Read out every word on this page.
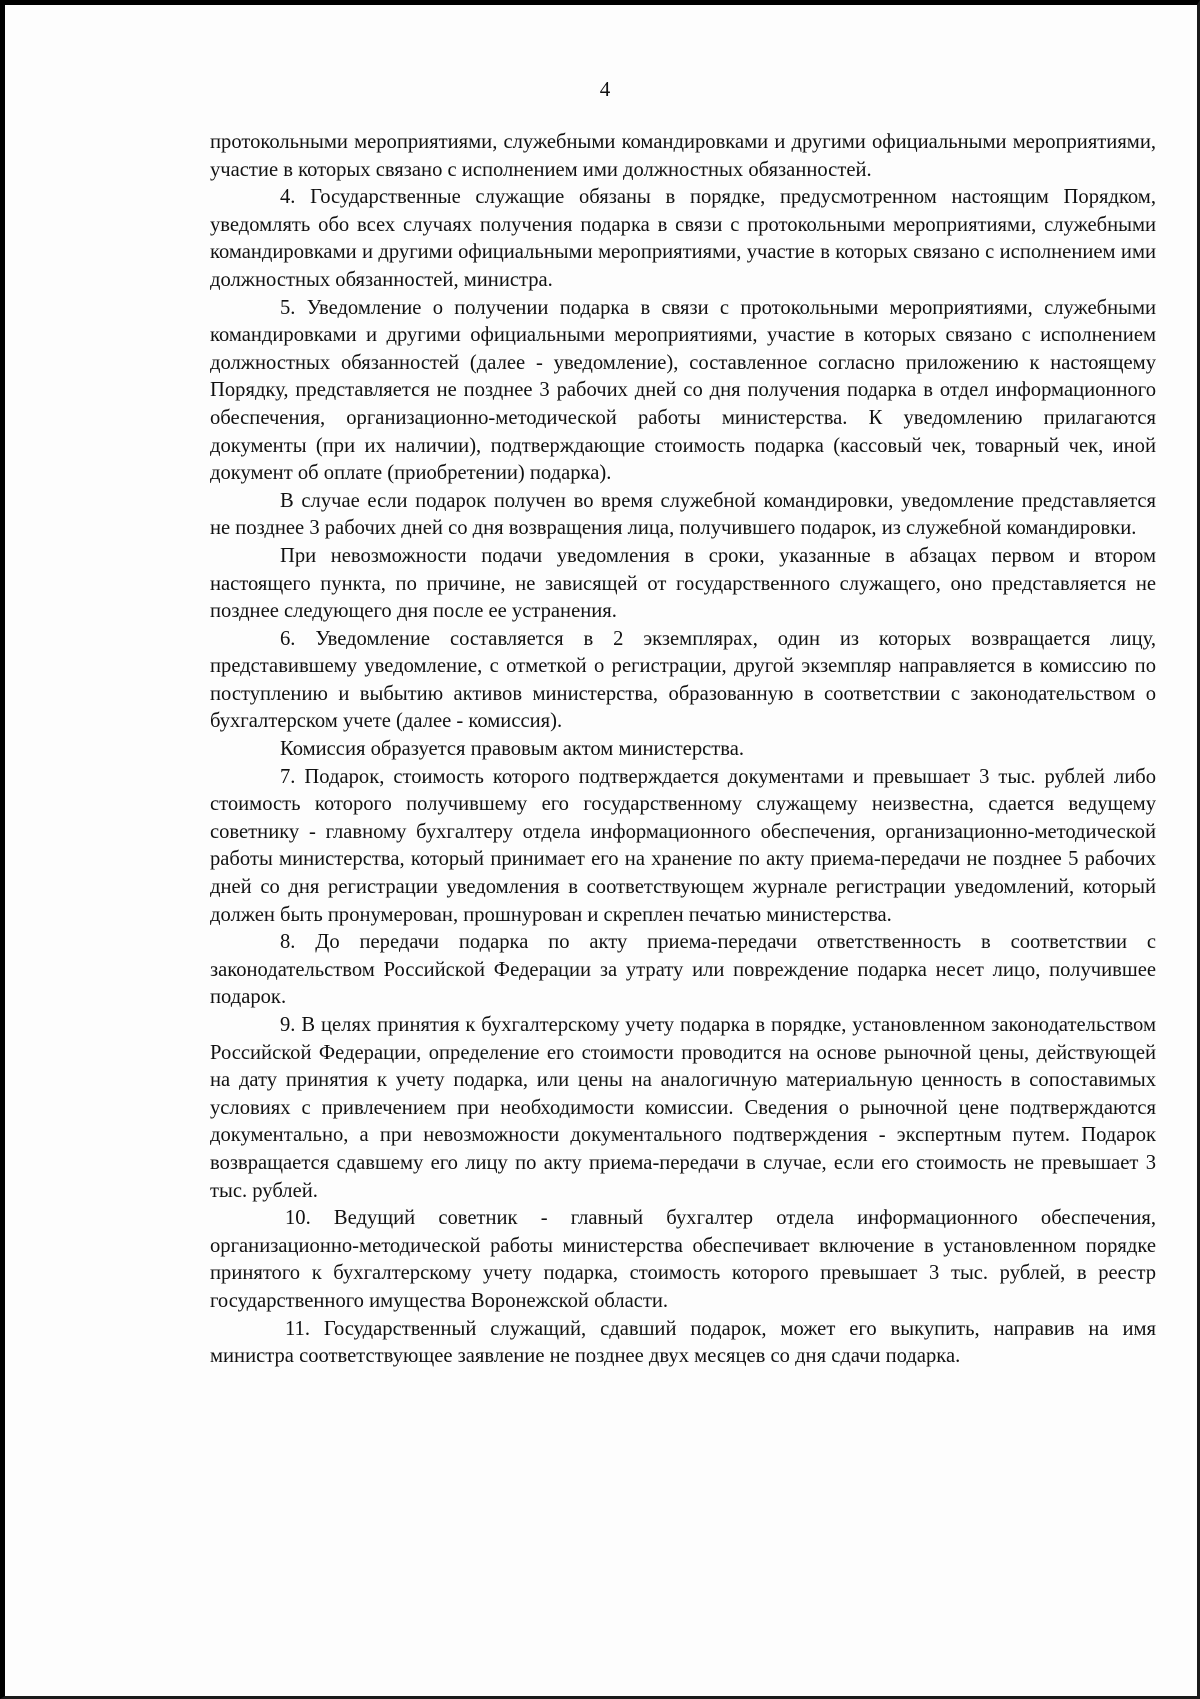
4

протокольными мероприятиями, служебными командировками и другими официальными мероприятиями, участие в которых связано с исполнением ими должностных обязанностей.

4. Государственные служащие обязаны в порядке, предусмотренном настоящим Порядком, уведомлять обо всех случаях получения подарка в связи с протокольными мероприятиями, служебными командировками и другими официальными мероприятиями, участие в которых связано с исполнением ими должностных обязанностей, министра.

5. Уведомление о получении подарка в связи с протокольными мероприятиями, служебными командировками и другими официальными мероприятиями, участие в которых связано с исполнением должностных обязанностей (далее - уведомление), составленное согласно приложению к настоящему Порядку, представляется не позднее 3 рабочих дней со дня получения подарка в отдел информационного обеспечения, организационно-методической работы министерства. К уведомлению прилагаются документы (при их наличии), подтверждающие стоимость подарка (кассовый чек, товарный чек, иной документ об оплате (приобретении) подарка).

В случае если подарок получен во время служебной командировки, уведомление представляется не позднее 3 рабочих дней со дня возвращения лица, получившего подарок, из служебной командировки.

При невозможности подачи уведомления в сроки, указанные в абзацах первом и втором настоящего пункта, по причине, не зависящей от государственного служащего, оно представляется не позднее следующего дня после ее устранения.

6. Уведомление составляется в 2 экземплярах, один из которых возвращается лицу, представившему уведомление, с отметкой о регистрации, другой экземпляр направляется в комиссию по поступлению и выбытию активов министерства, образованную в соответствии с законодательством о бухгалтерском учете (далее - комиссия).

Комиссия образуется правовым актом министерства.

7. Подарок, стоимость которого подтверждается документами и превышает 3 тыс. рублей либо стоимость которого получившему его государственному служащему неизвестна, сдается ведущему советнику - главному бухгалтеру отдела информационного обеспечения, организационно-методической работы министерства, который принимает его на хранение по акту приема-передачи не позднее 5 рабочих дней со дня регистрации уведомления в соответствующем журнале регистрации уведомлений, который должен быть пронумерован, прошнурован и скреплен печатью министерства.

8. До передачи подарка по акту приема-передачи ответственность в соответствии с законодательством Российской Федерации за утрату или повреждение подарка несет лицо, получившее подарок.

9. В целях принятия к бухгалтерскому учету подарка в порядке, установленном законодательством Российской Федерации, определение его стоимости проводится на основе рыночной цены, действующей на дату принятия к учету подарка, или цены на аналогичную материальную ценность в сопоставимых условиях с привлечением при необходимости комиссии. Сведения о рыночной цене подтверждаются документально, а при невозможности документального подтверждения - экспертным путем. Подарок возвращается сдавшему его лицу по акту приема-передачи в случае, если его стоимость не превышает 3 тыс. рублей.

10. Ведущий советник - главный бухгалтер отдела информационного обеспечения, организационно-методической работы министерства обеспечивает включение в установленном порядке принятого к бухгалтерскому учету подарка, стоимость которого превышает 3 тыс. рублей, в реестр государственного имущества Воронежской области.

11. Государственный служащий, сдавший подарок, может его выкупить, направив на имя министра соответствующее заявление не позднее двух месяцев со дня сдачи подарка.
